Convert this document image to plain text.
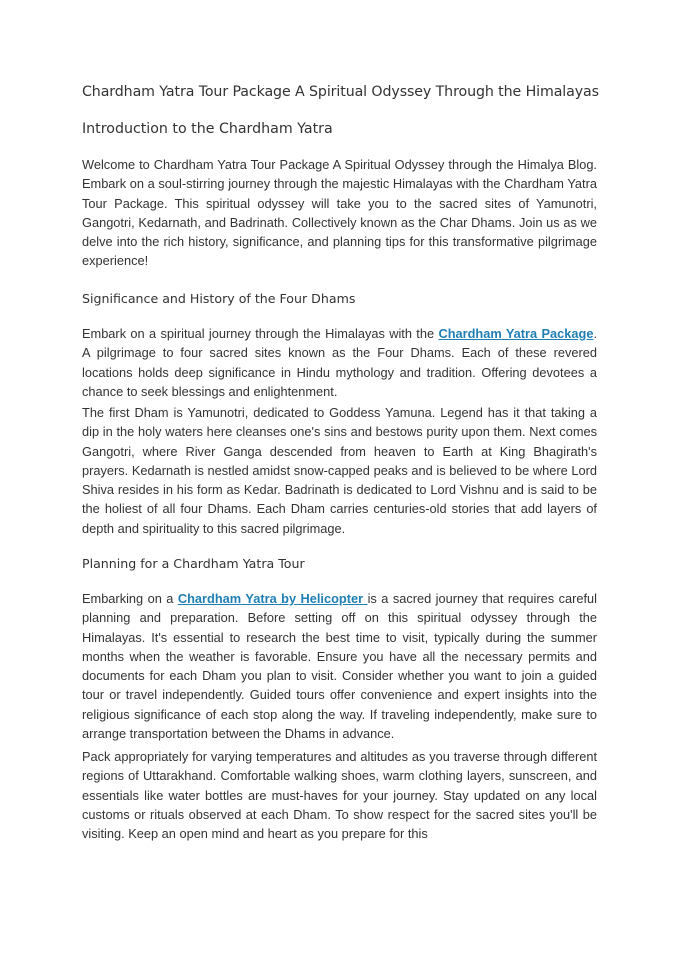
Chardham Yatra Tour Package A Spiritual Odyssey Through the Himalayas
Introduction to the Chardham Yatra
Welcome to Chardham Yatra Tour Package A Spiritual Odyssey through the Himalya Blog. Embark on a soul-stirring journey through the majestic Himalayas with the Chardham Yatra Tour Package. This spiritual odyssey will take you to the sacred sites of Yamunotri, Gangotri, Kedarnath, and Badrinath. Collectively known as the Char Dhams. Join us as we delve into the rich history, significance, and planning tips for this transformative pilgrimage experience!
Significance and History of the Four Dhams
Embark on a spiritual journey through the Himalayas with the Chardham Yatra Package. A pilgrimage to four sacred sites known as the Four Dhams. Each of these revered locations holds deep significance in Hindu mythology and tradition. Offering devotees a chance to seek blessings and enlightenment.
The first Dham is Yamunotri, dedicated to Goddess Yamuna. Legend has it that taking a dip in the holy waters here cleanses one's sins and bestows purity upon them. Next comes Gangotri, where River Ganga descended from heaven to Earth at King Bhagirath's prayers. Kedarnath is nestled amidst snow-capped peaks and is believed to be where Lord Shiva resides in his form as Kedar. Badrinath is dedicated to Lord Vishnu and is said to be the holiest of all four Dhams. Each Dham carries centuries-old stories that add layers of depth and spirituality to this sacred pilgrimage.
Planning for a Chardham Yatra Tour
Embarking on a Chardham Yatra by Helicopter is a sacred journey that requires careful planning and preparation. Before setting off on this spiritual odyssey through the Himalayas. It's essential to research the best time to visit, typically during the summer months when the weather is favorable. Ensure you have all the necessary permits and documents for each Dham you plan to visit. Consider whether you want to join a guided tour or travel independently. Guided tours offer convenience and expert insights into the religious significance of each stop along the way. If traveling independently, make sure to arrange transportation between the Dhams in advance.
Pack appropriately for varying temperatures and altitudes as you traverse through different regions of Uttarakhand. Comfortable walking shoes, warm clothing layers, sunscreen, and essentials like water bottles are must-haves for your journey. Stay updated on any local customs or rituals observed at each Dham. To show respect for the sacred sites you'll be visiting. Keep an open mind and heart as you prepare for this
